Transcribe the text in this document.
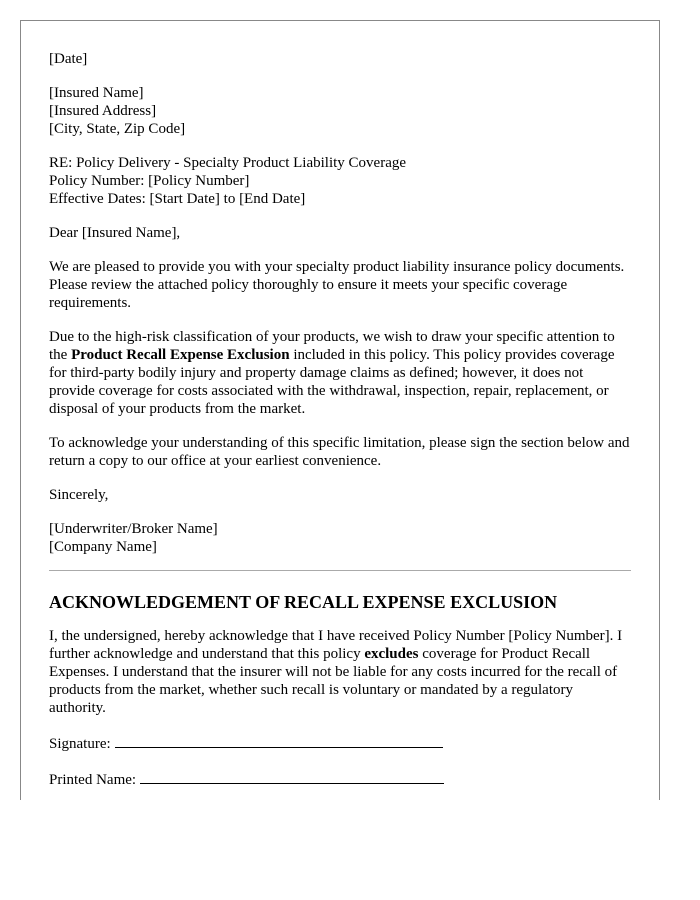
[Date]
[Insured Name]
[Insured Address]
[City, State, Zip Code]
RE: Policy Delivery - Specialty Product Liability Coverage
Policy Number: [Policy Number]
Effective Dates: [Start Date] to [End Date]
Dear [Insured Name],

We are pleased to provide you with your specialty product liability insurance policy documents. Please review the attached policy thoroughly to ensure it meets your specific coverage requirements.

Due to the high-risk classification of your products, we wish to draw your specific attention to the Product Recall Expense Exclusion included in this policy. This policy provides coverage for third-party bodily injury and property damage claims as defined; however, it does not provide coverage for costs associated with the withdrawal, inspection, repair, replacement, or disposal of your products from the market.

To acknowledge your understanding of this specific limitation, please sign the section below and return a copy to our office at your earliest convenience.

Sincerely,
[Underwriter/Broker Name]
[Company Name]
ACKNOWLEDGEMENT OF RECALL EXPENSE EXCLUSION

I, the undersigned, hereby acknowledge that I have received Policy Number [Policy Number]. I further acknowledge and understand that this policy excludes coverage for Product Recall Expenses. I understand that the insurer will not be liable for any costs incurred for the recall of products from the market, whether such recall is voluntary or mandated by a regulatory authority.

Signature:
Printed Name:
